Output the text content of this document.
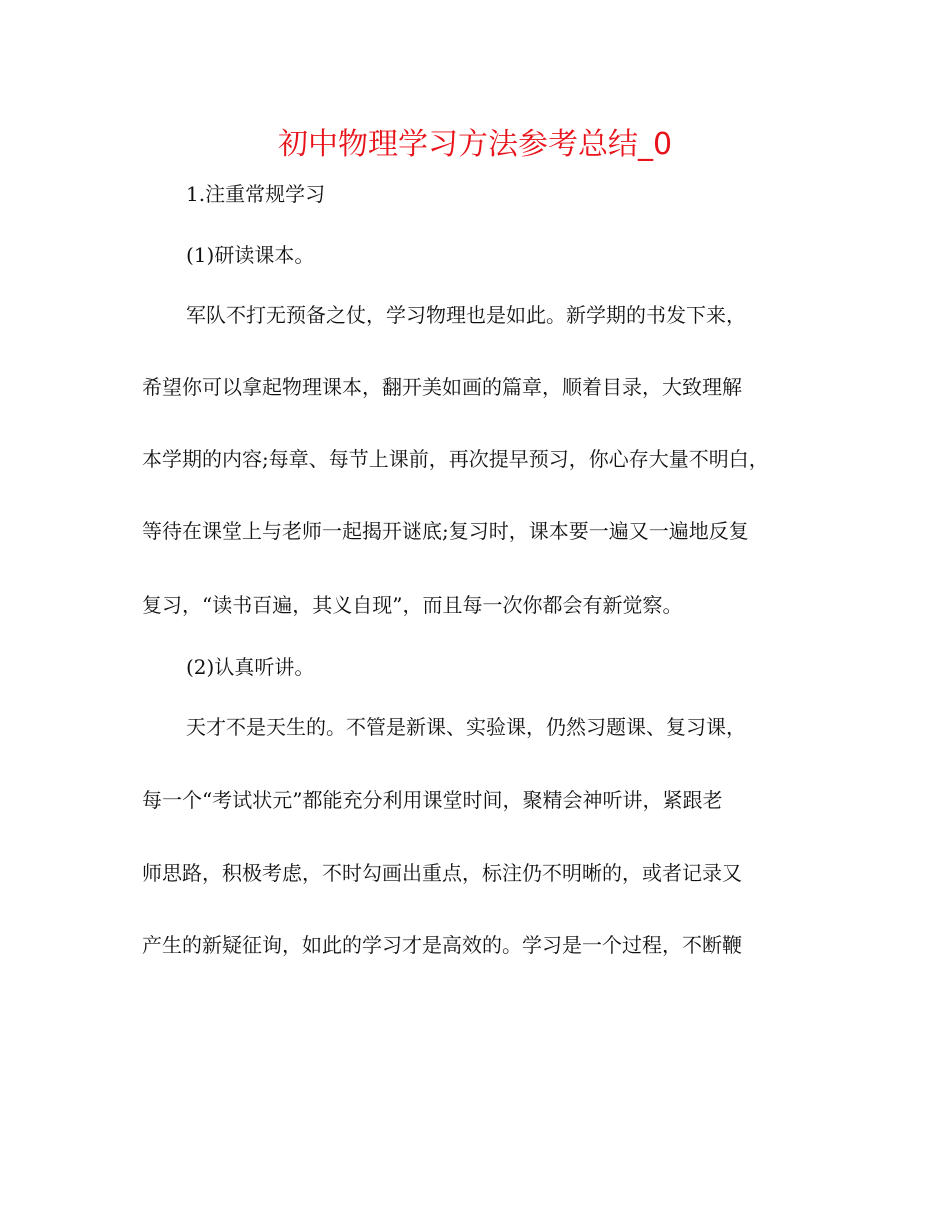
初中物理学习方法参考总结_0
1.注重常规学习
(1)研读课本。
军队不打无预备之仗，学习物理也是如此。新学期的书发下来，
希望你可以拿起物理课本，翻开美如画的篇章，顺着目录，大致理解
本学期的内容;每章、每节上课前，再次提早预习，你心存大量不明白，
等待在课堂上与老师一起揭开谜底;复习时，课本要一遍又一遍地反复
复习，“读书百遍，其义自现”，而且每一次你都会有新觉察。
(2)认真听讲。
天才不是天生的。不管是新课、实验课，仍然习题课、复习课，
每一个“考试状元”都能充分利用课堂时间，聚精会神听讲，紧跟老
师思路，积极考虑，不时勾画出重点，标注仍不明晰的，或者记录又
产生的新疑征询，如此的学习才是高效的。学习是一个过程，不断鞭
